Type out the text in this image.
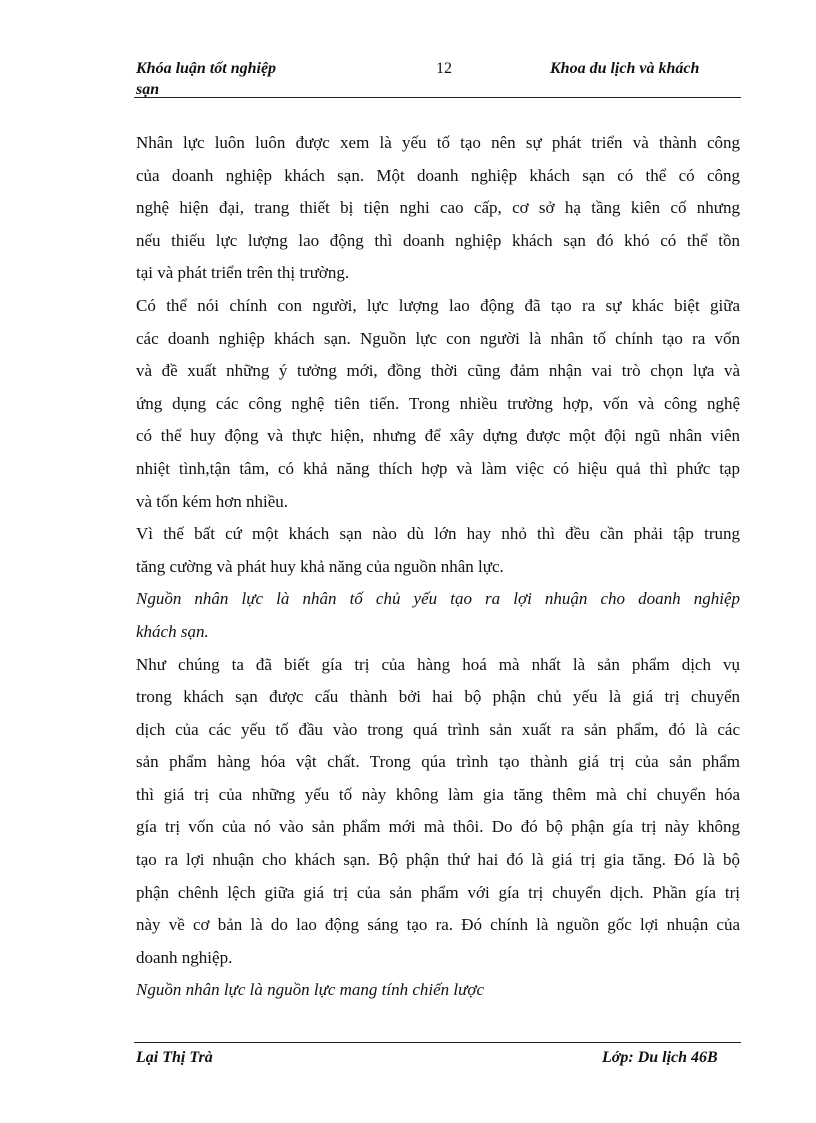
Khóa luận tốt nghiệp
sạn
12	Khoa du lịch và khách
Nhân lực luôn luôn được xem là yếu tố tạo nên sự phát triển và thành công
của doanh nghiệp khách sạn. Một doanh nghiệp khách sạn có thể có công
nghệ hiện đại, trang thiết bị tiện nghi cao cấp, cơ sở hạ tầng kiên cố nhưng
nếu thiếu lực lượng lao động thì doanh nghiệp khách sạn đó khó có thể tồn
tại và phát triển trên thị trường.
Có thể nói chính con người, lực lượng lao động đã tạo ra sự khác biệt giữa
các doanh nghiệp khách sạn. Nguồn lực con người là nhân tố chính tạo ra vốn
và đề xuất những ý tưởng mới, đồng thời cũng đảm nhận vai trò chọn lựa và
ứng dụng các công nghệ tiên tiến. Trong nhiều trường hợp, vốn và công nghệ
có thể huy động và thực hiện, nhưng để xây dựng được một đội ngũ nhân viên
nhiệt tình,tận tâm, có khả năng thích hợp và làm việc có hiệu quả thì phức tạp
và tốn kém hơn nhiều.
Vì thế bất cứ một khách sạn nào dù lớn hay nhỏ thì đều cần phải tập trung
tăng cường và phát huy khả năng của nguồn nhân lực.
Nguồn nhân lực là nhân tố chủ yếu tạo ra lợi nhuận cho doanh nghiệp
khách sạn.
Như chúng ta đã biết gía trị của hàng hoá mà nhất là sản phẩm dịch vụ
trong khách sạn được cấu thành bởi hai bộ phận chủ yếu là giá trị chuyển
dịch của các yếu tố đầu vào trong quá trình sản xuất ra sản phẩm, đó là các
sản phẩm hàng hóa vật chất. Trong qúa trình tạo thành giá trị của sản phẩm
thì giá trị của những yếu tố này không làm gia tăng thêm mà chỉ chuyển hóa
gía trị vốn của nó vào sản phẩm mới mà thôi. Do đó bộ phận gía trị này không
tạo ra lợi nhuận cho khách sạn. Bộ phận thứ hai đó là giá trị gia tăng. Đó là bộ
phận chênh lệch giữa giá trị của sản phẩm với gía trị chuyển dịch. Phần gía trị
này về cơ bản là do lao động sáng tạo ra. Đó chính là nguồn gốc lợi nhuận của
doanh nghiệp.
Nguồn nhân lực là nguồn lực mang tính chiến lược
Lại Thị Trà	Lớp: Du lịch 46B
